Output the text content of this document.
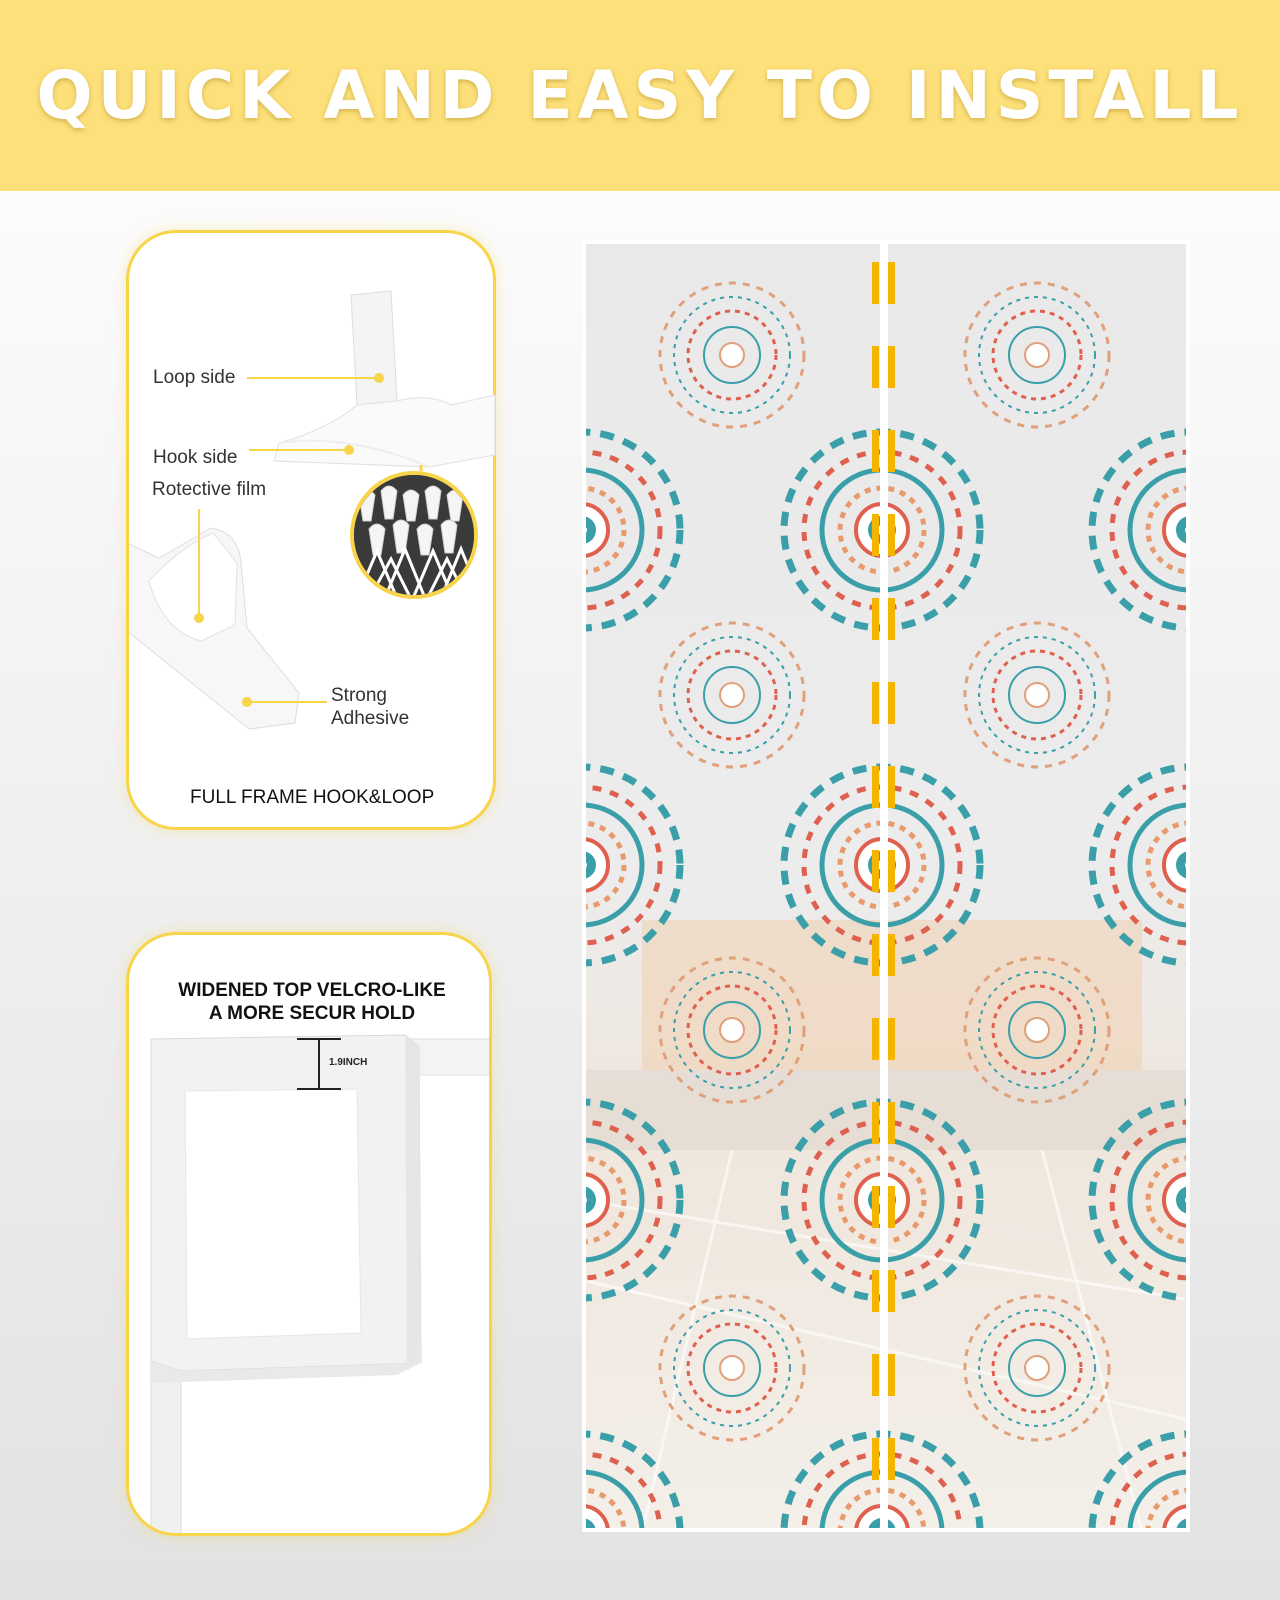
QUICK AND EASY TO INSTALL
Loop side
Hook side
Rotective film
Strong
Adhesive
FULL FRAME HOOK&LOOP
WIDENED TOP VELCRO-LIKE
A MORE SECUR HOLD
1.9INCH
